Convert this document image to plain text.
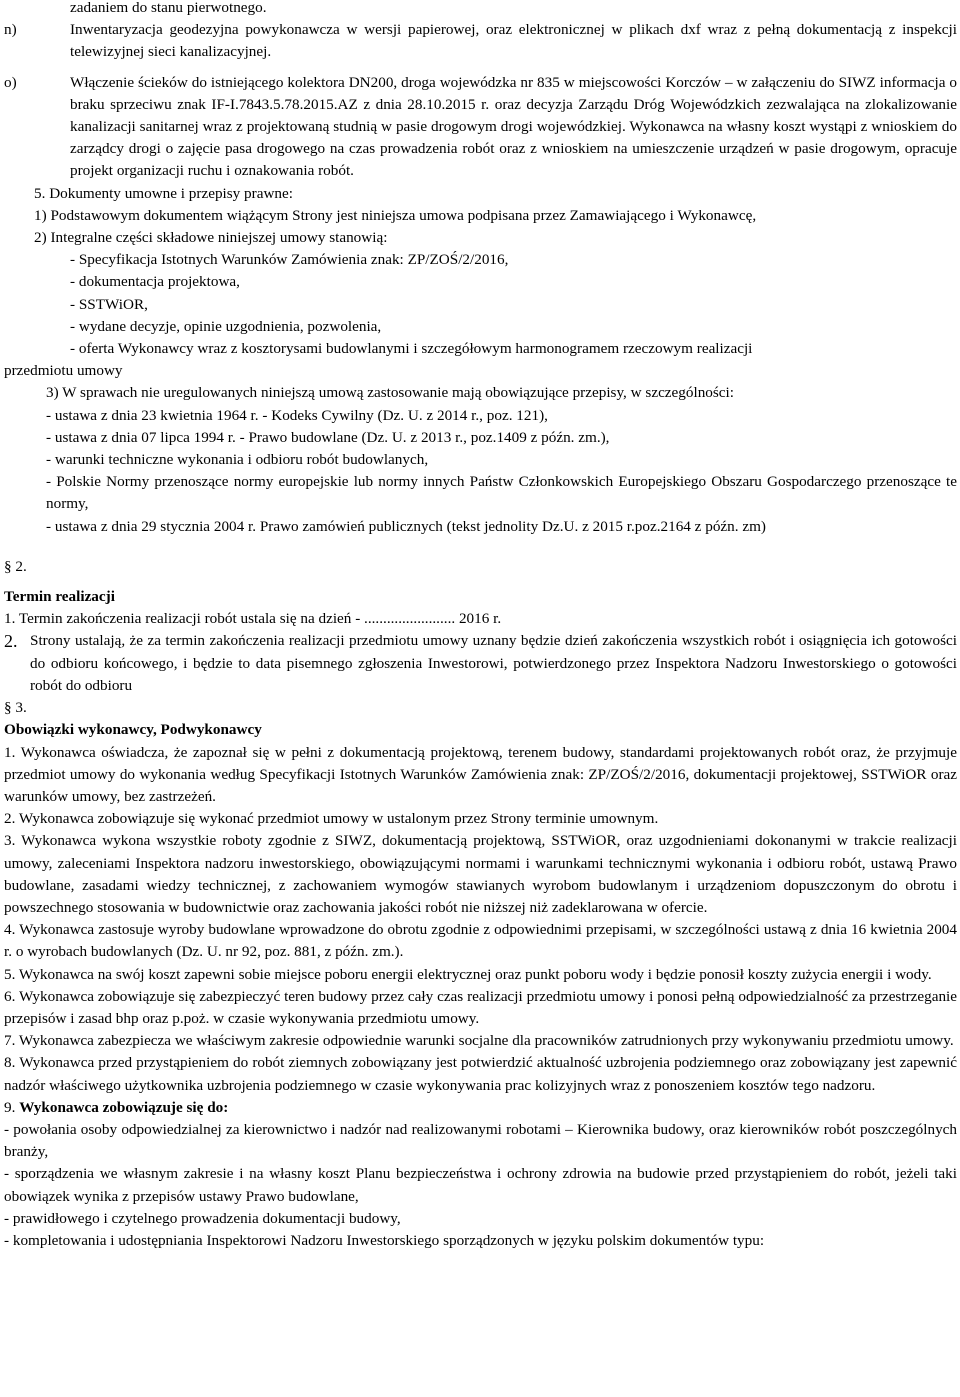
zadaniem do stanu pierwotnego.

n)	Inwentaryzacja geodezyjna powykonawcza w wersji papierowej, oraz elektronicznej w plikach dxf wraz z pełną dokumentacją z inspekcji telewizyjnej sieci kanalizacyjnej.
o)	Włączenie ścieków do istniejącego kolektora DN200, droga wojewódzka nr 835 w miejscowości Korczów – w załączeniu do SIWZ informacja o braku sprzeciwu znak IF-I.7843.5.78.2015.AZ z dnia 28.10.2015 r. oraz decyzja Zarządu Dróg Wojewódzkich zezwalająca na zlokalizowanie kanalizacji sanitarnej wraz z projektowaną studnią w pasie drogowym drogi wojewódzkiej. Wykonawca na własny koszt wystąpi z wnioskiem do zarządcy drogi o zajęcie pasa drogowego na czas prowadzenia robót oraz z wnioskiem na umieszczenie urządzeń w pasie drogowym, opracuje projekt organizacji ruchu i oznakowania robót.

5. Dokumenty umowne i przepisy prawne:

1) Podstawowym dokumentem wiążącym Strony jest niniejsza umowa podpisana przez Zamawiającego i Wykonawcę,

2) Integralne części składowe niniejszej umowy stanowią:

- Specyfikacja Istotnych Warunków Zamówienia znak: ZP/ZOŚ/2/2016,

- dokumentacja projektowa,

- SSTWiOR,

- wydane decyzje, opinie uzgodnienia, pozwolenia,

- oferta Wykonawcy wraz z kosztorysami budowlanymi i szczegółowym harmonogramem rzeczowym realizacji

przedmiotu umowy

3) W sprawach nie uregulowanych niniejszą umową zastosowanie mają obowiązujące przepisy, w szczególności:

- ustawa z dnia 23 kwietnia 1964 r. - Kodeks Cywilny (Dz. U. z 2014 r., poz. 121),

- ustawa z dnia 07 lipca 1994 r. - Prawo budowlane (Dz. U. z 2013 r., poz.1409 z późn. zm.),

- warunki techniczne wykonania i odbioru robót budowlanych,

- Polskie Normy przenoszące normy europejskie lub normy innych Państw Członkowskich Europejskiego Obszaru Gospodarczego przenoszące te normy,

- ustawa z dnia 29 stycznia 2004 r. Prawo zamówień publicznych (tekst jednolity Dz.U. z 2015 r.poz.2164 z późn. zm)

§ 2.

Termin realizacji

1. Termin zakończenia realizacji robót ustala się na dzień - ........................ 2016 r.

2. Strony ustalają, że za termin zakończenia realizacji przedmiotu umowy uznany będzie dzień zakończenia wszystkich robót i osiągnięcia ich gotowości do odbioru końcowego, i będzie to data pisemnego zgłoszenia Inwestorowi, potwierdzonego przez Inspektora Nadzoru Inwestorskiego o gotowości robót do odbioru

§ 3.

Obowiązki wykonawcy, Podwykonawcy

1. Wykonawca oświadcza, że zapoznał się w pełni z dokumentacją projektową, terenem budowy, standardami projektowanych robót oraz, że przyjmuje przedmiot umowy do wykonania według Specyfikacji Istotnych Warunków Zamówienia znak: ZP/ZOŚ/2/2016, dokumentacji projektowej, SSTWiOR oraz warunków umowy, bez zastrzeżeń.

2. Wykonawca zobowiązuje się wykonać przedmiot umowy w ustalonym przez Strony terminie umownym.

3. Wykonawca wykona wszystkie roboty zgodnie z SIWZ, dokumentacją projektową, SSTWiOR, oraz uzgodnieniami dokonanymi w trakcie realizacji umowy, zaleceniami Inspektora nadzoru inwestorskiego, obowiązującymi normami i warunkami technicznymi wykonania i odbioru robót, ustawą Prawo budowlane, zasadami wiedzy technicznej, z zachowaniem wymogów stawianych wyrobom budowlanym i urządzeniom dopuszczonym do obrotu i powszechnego stosowania w budownictwie oraz zachowania jakości robót nie niższej niż zadeklarowana w ofercie.

4. Wykonawca zastosuje wyroby budowlane wprowadzone do obrotu zgodnie z odpowiednimi przepisami, w szczególności ustawą z dnia 16 kwietnia 2004 r. o wyrobach budowlanych (Dz. U. nr 92, poz. 881, z późn. zm.).

5. Wykonawca na swój koszt zapewni sobie miejsce poboru energii elektrycznej oraz punkt poboru wody i będzie ponosił koszty zużycia energii i wody.

6. Wykonawca zobowiązuje się zabezpieczyć teren budowy przez cały czas realizacji przedmiotu umowy i ponosi pełną odpowiedzialność za przestrzeganie przepisów i zasad bhp oraz p.poż. w czasie wykonywania przedmiotu umowy.

7. Wykonawca zabezpiecza we właściwym zakresie odpowiednie warunki socjalne dla pracowników zatrudnionych przy wykonywaniu przedmiotu umowy.

8. Wykonawca przed przystąpieniem do robót ziemnych zobowiązany jest potwierdzić aktualność uzbrojenia podziemnego oraz zobowiązany jest zapewnić nadzór właściwego użytkownika uzbrojenia podziemnego w czasie wykonywania prac kolizyjnych wraz z ponoszeniem kosztów tego nadzoru.

9. Wykonawca zobowiązuje się do:

- powołania osoby odpowiedzialnej za kierownictwo i nadzór nad realizowanymi robotami – Kierownika budowy, oraz kierowników robót poszczególnych branży,

- sporządzenia we własnym zakresie i na własny koszt Planu bezpieczeństwa i ochrony zdrowia na budowie przed przystąpieniem do robót, jeżeli taki obowiązek wynika z przepisów ustawy Prawo budowlane,

- prawidłowego i czytelnego prowadzenia dokumentacji budowy,

- kompletowania i udostępniania Inspektorowi Nadzoru Inwestorskiego sporządzonych w języku polskim dokumentów typu:
